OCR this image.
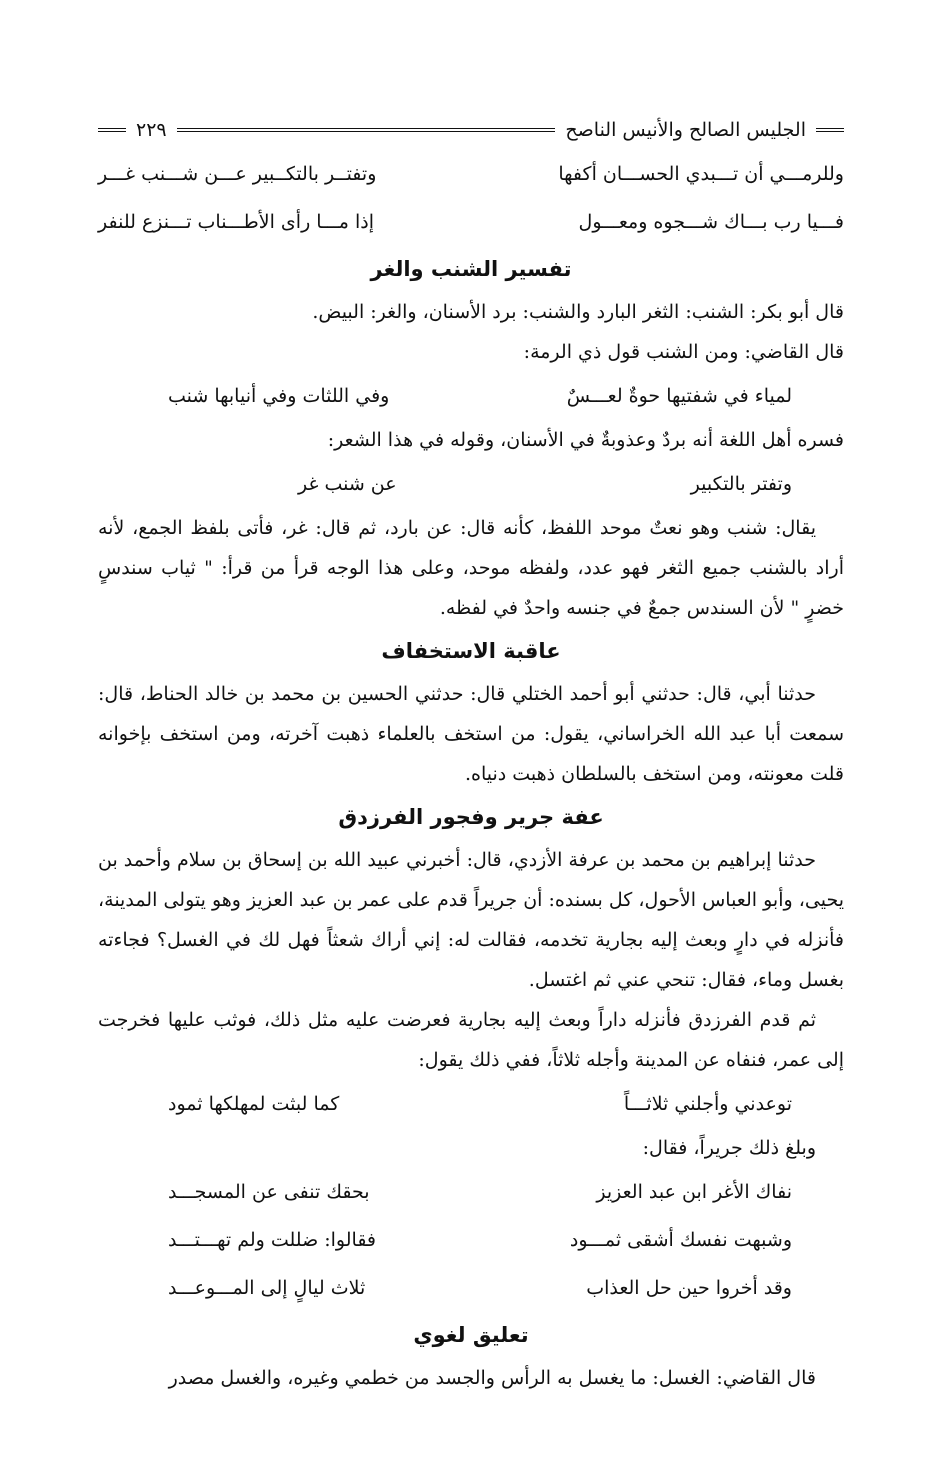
الجليس الصالح والأنيس الناصح
٢٢٩
وللرمـــي أن تـــبدي الحســـان أكفها
وتفتــر بالتكــبير عـــن شـــنب غـــر
فـــيا رب بـــاك شـــجوه ومعـــول
إذا مـــا رأى الأطـــناب تـــنزع للنفر
تفسير الشنب والغر

قال أبو بكر: الشنب: الثغر البارد والشنب: برد الأسنان، والغر: البيض.

قال القاضي: ومن الشنب قول ذي الرمة:

لمياء في شفتيها حوةٌ لعـــسٌ
وفي اللثات وفي أنيابها شنب

فسره أهل اللغة أنه بردٌ وعذوبةٌ في الأسنان، وقوله في هذا الشعر:

وتفتر بالتكبير
عن شنب غر

يقال: شنب وهو نعتٌ موحد اللفظ، كأنه قال: عن بارد، ثم قال: غر، فأتى بلفظ الجمع، لأنه أراد بالشنب جميع الثغر فهو عدد، ولفظه موحد، وعلى هذا الوجه قرأ من قرأ: " ثياب سندسٍ خضرٍ " لأن السندس جمعٌ في جنسه واحدٌ في لفظه.

عاقبة الاستخفاف

حدثنا أبي، قال: حدثني أبو أحمد الختلي قال: حدثني الحسين بن محمد بن خالد الحناط، قال: سمعت أبا عبد الله الخراساني، يقول: من استخف بالعلماء ذهبت آخرته، ومن استخف بإخوانه قلت معونته، ومن استخف بالسلطان ذهبت دنياه.

عفة جرير وفجور الفرزدق

حدثنا إبراهيم بن محمد بن عرفة الأزدي، قال: أخبرني عبيد الله بن إسحاق بن سلام وأحمد بن يحيى، وأبو العباس الأحول، كل بسنده: أن جريراً قدم على عمر بن عبد العزيز وهو يتولى المدينة، فأنزله في دارٍ وبعث إليه بجارية تخدمه، فقالت له: إني أراك شعثاً فهل لك في الغسل؟ فجاءته بغسل وماء، فقال: تنحي عني ثم اغتسل.

ثم قدم الفرزدق فأنزله داراً وبعث إليه بجارية فعرضت عليه مثل ذلك، فوثب عليها فخرجت إلى عمر، فنفاه عن المدينة وأجله ثلاثاً، ففي ذلك يقول:

توعدني وأجلني ثلاثـــاً
كما لبثت لمهلكها ثمود

وبلغ ذلك جريراً، فقال:

نفاك الأغر ابن عبد العزيز
بحقك تنفى عن المسجـــد
وشبهت نفسك أشقى ثمـــود
فقالوا: ضللت ولم تهـــتـــد
وقد أخروا حين حل العذاب
ثلاث ليالٍ إلى المـــوعـــد
تعليق لغوي

قال القاضي: الغسل: ما يغسل به الرأس والجسد من خطمي وغيره، والغسل مصدر
